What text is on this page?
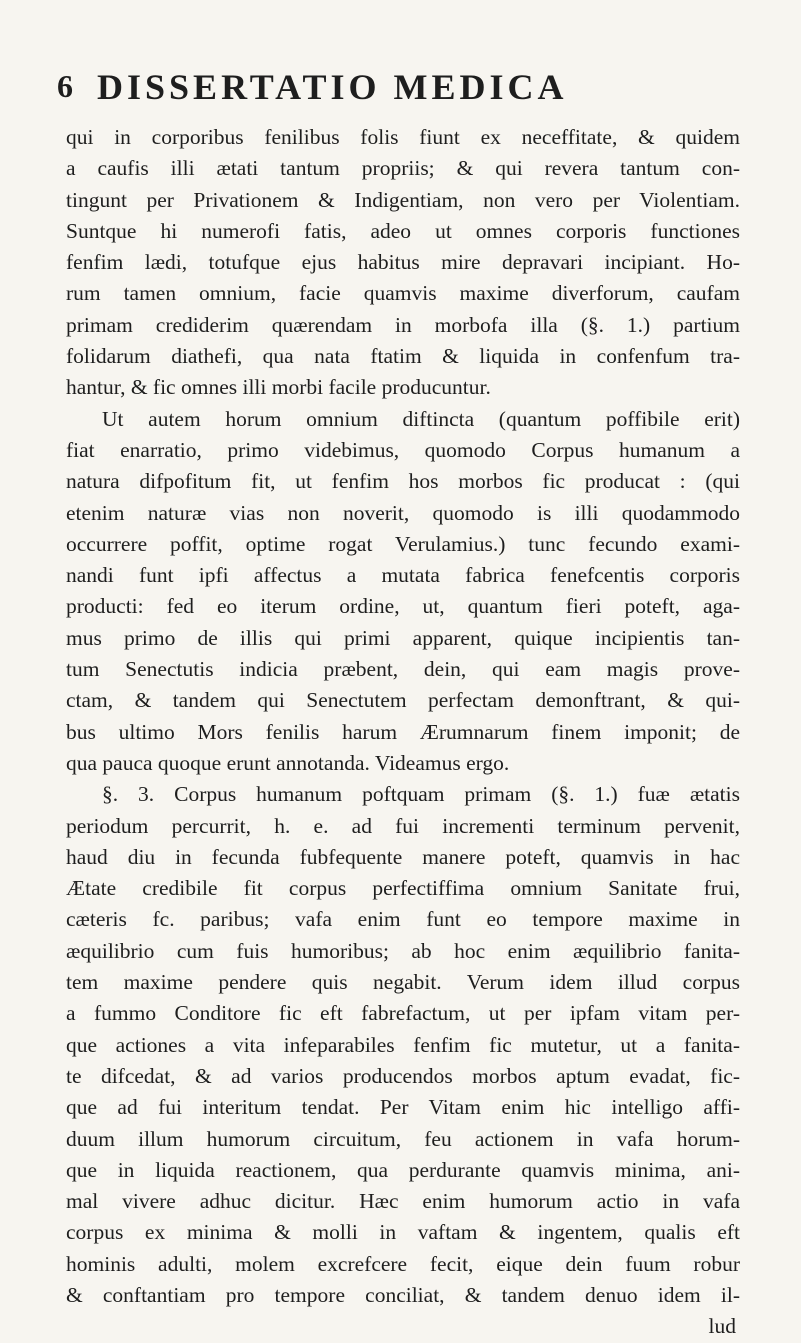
6 DISSERTATIO MEDICA
qui in corporibus fenilibus folis fiunt ex neceffitate, & quidem
a caufis illi ætati tantum propriis; & qui revera tantum con-
tingunt per Privationem & Indigentiam, non vero per Violentiam.
Suntque hi numerofi fatis, adeo ut omnes corporis functiones
fenfim lædi, totufque ejus habitus mire depravari incipiant. Ho-
rum tamen omnium, facie quamvis maxime diverforum, caufam
primam crediderim quærendam in morbofa illa (§. 1.) partium
folidarum diathefi, qua nata ftatim & liquida in confenfum tra-
hantur, & fic omnes illi morbi facile producuntur.
Ut autem horum omnium diftincta (quantum poffibile erit)
fiat enarratio, primo videbimus, quomodo Corpus humanum a
natura difpofitum fit, ut fenfim hos morbos fic producat : (qui
etenim naturæ vias non noverit, quomodo is illi quodammodo
occurrere poffit, optime rogat Verulamius.) tunc fecundo exami-
nandi funt ipfi affectus a mutata fabrica fenefcentis corporis
producti: fed eo iterum ordine, ut, quantum fieri poteft, aga-
mus primo de illis qui primi apparent, quique incipientis tan-
tum Senectutis indicia præbent, dein, qui eam magis prove-
ctam, & tandem qui Senectutem perfectam demonftrant, & qui-
bus ultimo Mors fenilis harum Ærumnarum finem imponit; de
qua pauca quoque erunt annotanda. Videamus ergo.
§. 3. Corpus humanum poftquam primam (§. 1.) fuæ ætatis
periodum percurrit, h. e. ad fui incrementi terminum pervenit,
haud diu in fecunda fubfequente manere poteft, quamvis in hac
Ætate credibile fit corpus perfectiffima omnium Sanitate frui,
cæteris fc. paribus; vafa enim funt eo tempore maxime in
æquilibrio cum fuis humoribus; ab hoc enim æquilibrio fanita-
tem maxime pendere quis negabit. Verum idem illud corpus
a fummo Conditore fic eft fabrefactum, ut per ipfam vitam per-
que actiones a vita infeparabiles fenfim fic mutetur, ut a fanita-
te difcedat, & ad varios producendos morbos aptum evadat, fic-
que ad fui interitum tendat. Per Vitam enim hic intelligo affi-
duum illum humorum circuitum, feu actionem in vafa horum-
que in liquida reactionem, qua perdurante quamvis minima, ani-
mal vivere adhuc dicitur. Hæc enim humorum actio in vafa
corpus ex minima & molli in vaftam & ingentem, qualis eft
hominis adulti, molem excrefcere fecit, eique dein fuum robur
& conftantiam pro tempore conciliat, & tandem denuo idem il-
lud
